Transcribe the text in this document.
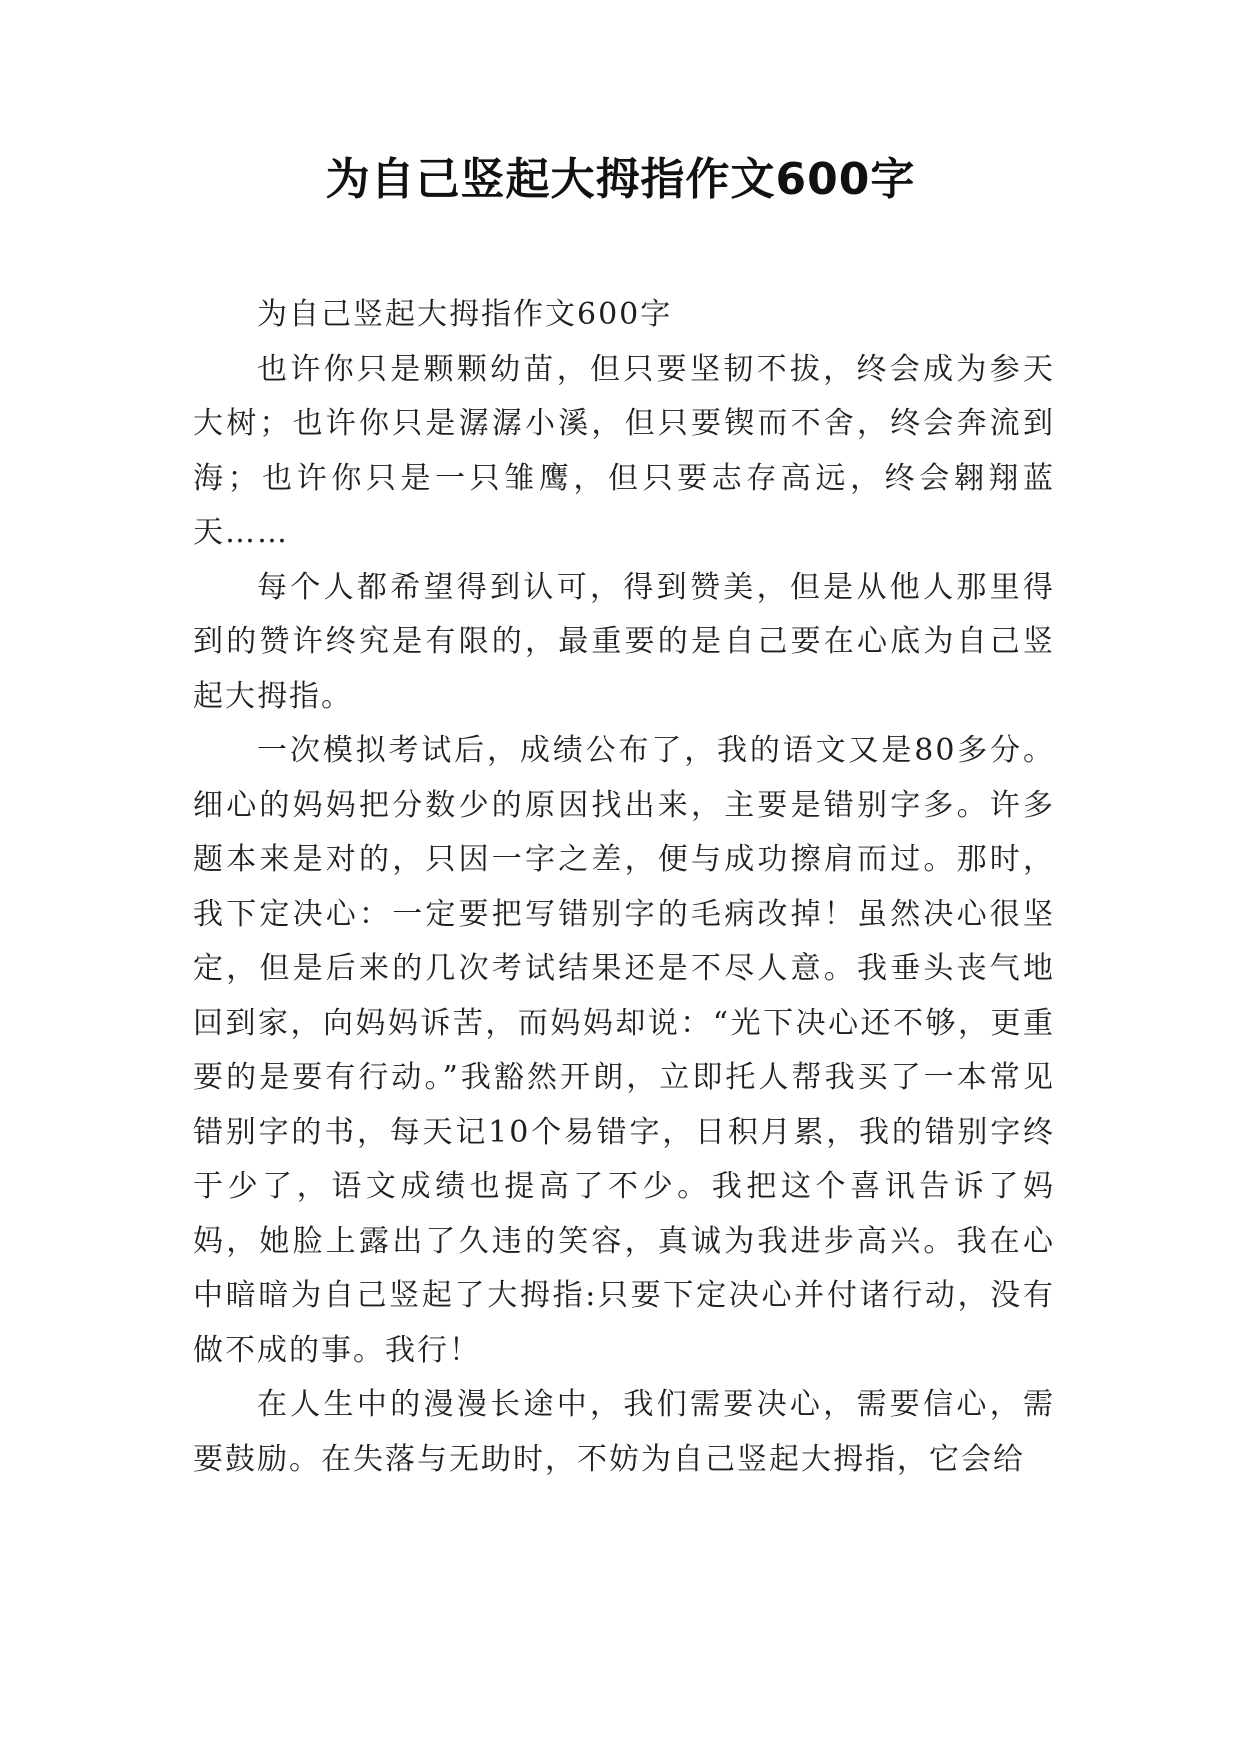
为自己竖起大拇指作文600字

为自己竖起大拇指作文600字

也许你只是颗颗幼苗，但只要坚韧不拔，终会成为参天大树；也许你只是潺潺小溪，但只要锲而不舍，终会奔流到海；也许你只是一只雏鹰，但只要志存高远，终会翱翔蓝天……

每个人都希望得到认可，得到赞美，但是从他人那里得到的赞许终究是有限的，最重要的是自己要在心底为自己竖起大拇指。

一次模拟考试后，成绩公布了，我的语文又是80多分。细心的妈妈把分数少的原因找出来，主要是错别字多。许多题本来是对的，只因一字之差，便与成功擦肩而过。那时，我下定决心：一定要把写错别字的毛病改掉！虽然决心很坚定，但是后来的几次考试结果还是不尽人意。我垂头丧气地回到家，向妈妈诉苦，而妈妈却说：“光下决心还不够，更重要的是要有行动。”我豁然开朗，立即托人帮我买了一本常见错别字的书，每天记10个易错字，日积月累，我的错别字终于少了，语文成绩也提高了不少。我把这个喜讯告诉了妈妈，她脸上露出了久违的笑容，真诚为我进步高兴。我在心中暗暗为自己竖起了大拇指:只要下定决心并付诸行动，没有做不成的事。我行！

在人生中的漫漫长途中，我们需要决心，需要信心，需要鼓励。在失落与无助时，不妨为自己竖起大拇指，它会给
